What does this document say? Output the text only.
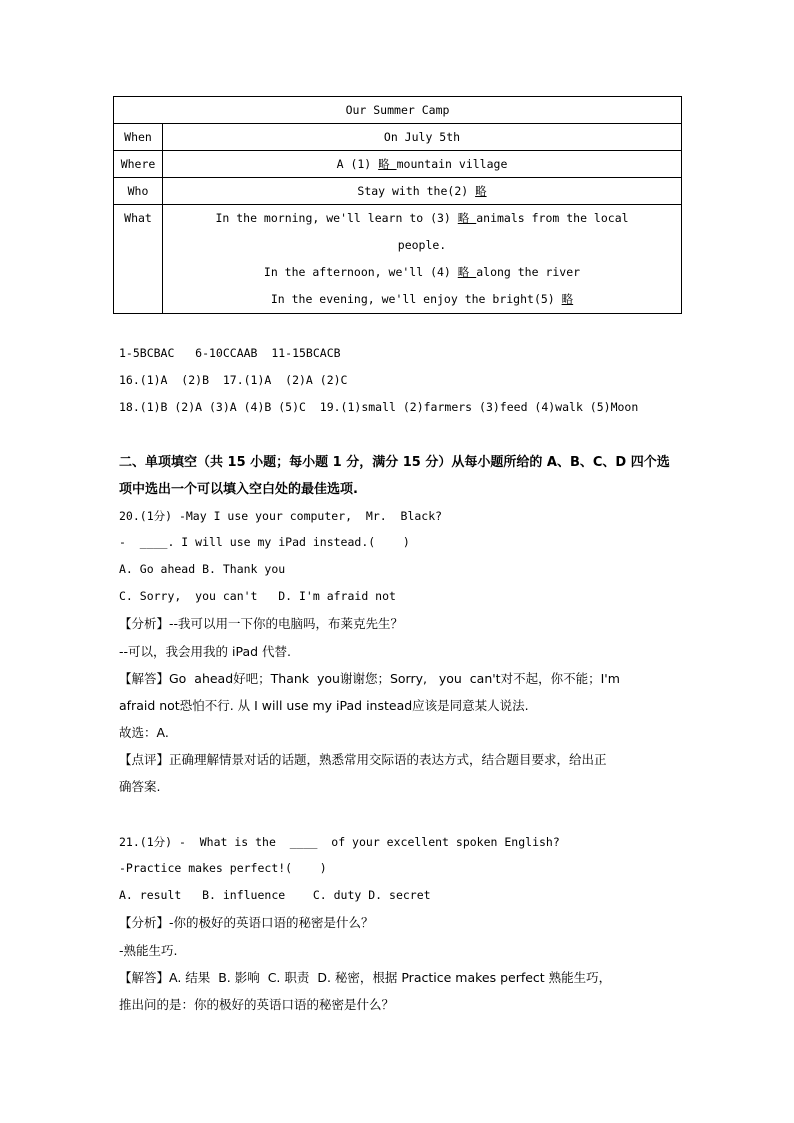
Our Summer Camp	
When	On July 5th
Where	A (1) 略 mountain village
Who	Stay with the(2) 略
What	In the morning, we'll learn to (3) 略 animals from the local
people.
In the afternoon, we'll (4) 略 along the river
In the evening, we'll enjoy the bright(5) 略
1-5BCBAC   6-10CCAAB  11-15BCACB
16.(1)A  (2)B  17.(1)A  (2)A (2)C
18.(1)B (2)A (3)A (4)B (5)C  19.(1)small (2)farmers (3)feed (4)walk (5)Moon
二、单项填空（共 15 小题；每小题 1 分，满分 15 分）从每小题所给的 A、B、C、D 四个选
项中选出一个可以填入空白处的最佳选项.
20.(1分) -May I use your computer,  Mr.  Black?
-  ____. I will use my iPad instead.(    )
A. Go ahead B. Thank you
C. Sorry,  you can't   D. I'm afraid not
【分析】--我可以用一下你的电脑吗，布莱克先生？
--可以，我会用我的 iPad 代替.
【解答】Go  ahead好吧；Thank  you谢谢您；Sorry,   you  can't对不起，你不能；I'm
afraid not恐怕不行. 从 I will use my iPad instead应该是同意某人说法.
故选：A.
【点评】正确理解情景对话的话题，熟悉常用交际语的表达方式，结合题目要求，给出正
确答案.
21.(1分) -  What is the  ____  of your excellent spoken English?
-Practice makes perfect!(    )
A. result   B. influence    C. duty D. secret
【分析】-你的极好的英语口语的秘密是什么？
-熟能生巧.
【解答】A. 结果  B. 影响  C. 职责  D. 秘密，根据 Practice makes perfect 熟能生巧，
推出问的是：你的极好的英语口语的秘密是什么？
